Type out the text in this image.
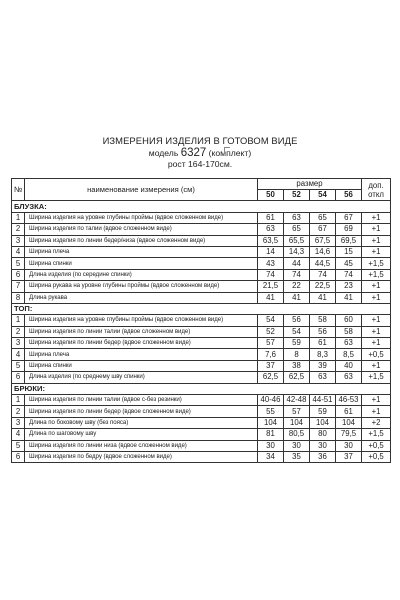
ИЗМЕРЕНИЯ ИЗДЕЛИЯ В ГОТОВОМ ВИДЕ
модель 6327 (комплект)
рост 164-170см.
№	наименование измерения (см)	размер				доп. откл
		50	52	54	56	
БЛУЗКА:						
1	Ширина изделия на уровне глубины проймы (вдвое сложенном виде)	61	63	65	67	+1
2	Ширина изделия по талии (вдвое сложенном виде)	63	65	67	69	+1
3	Ширина изделия по линии бедер/низа (вдвое сложенном виде)	63,5	65,5	67,5	69,5	+1
4	Ширина плеча	14	14,3	14,6	15	+1
5	Ширина спинки	43	44	44,5	45	+1,5
6	Длина изделия (по середине спинки)	74	74	74	74	+1,5
7	Ширина рукава на уровне глубины проймы (вдвое сложенном виде)	21,5	22	22,5	23	+1
8	Длина рукава	41	41	41	41	+1
ТОП:						
1	Ширина изделия на уровне глубины проймы (вдвое сложенном виде)	54	56	58	60	+1
2	Ширина изделия по линии талии (вдвое сложенном виде)	52	54	56	58	+1
3	Ширина изделия по линии бедер (вдвое сложенном виде)	57	59	61	63	+1
4	Ширина плеча	7,6	8	8,3	8,5	+0,5
5	Ширина спинки	37	38	39	40	+1
6	Длина изделия (по среднему шву спинки)	62,5	62,5	63	63	+1,5
БРЮКИ:						
1	Ширина изделия по линии талии (вдвое с-без резинки)	40-46	42-48	44-51	46-53	+1
2	Ширина изделия по линии бедер (вдвое сложенном виде)	55	57	59	61	+1
3	Длина по боковому шву (без пояса)	104	104	104	104	+2
4	Длина по шаговому шву	81	80,5	80	79,5	+1,5
5	Ширина изделия по линии низа (вдвое сложенном виде)	30	30	30	30	+0,5
6	Ширина изделия по бедру (вдвое сложенном виде)	34	35	36	37	+0,5
